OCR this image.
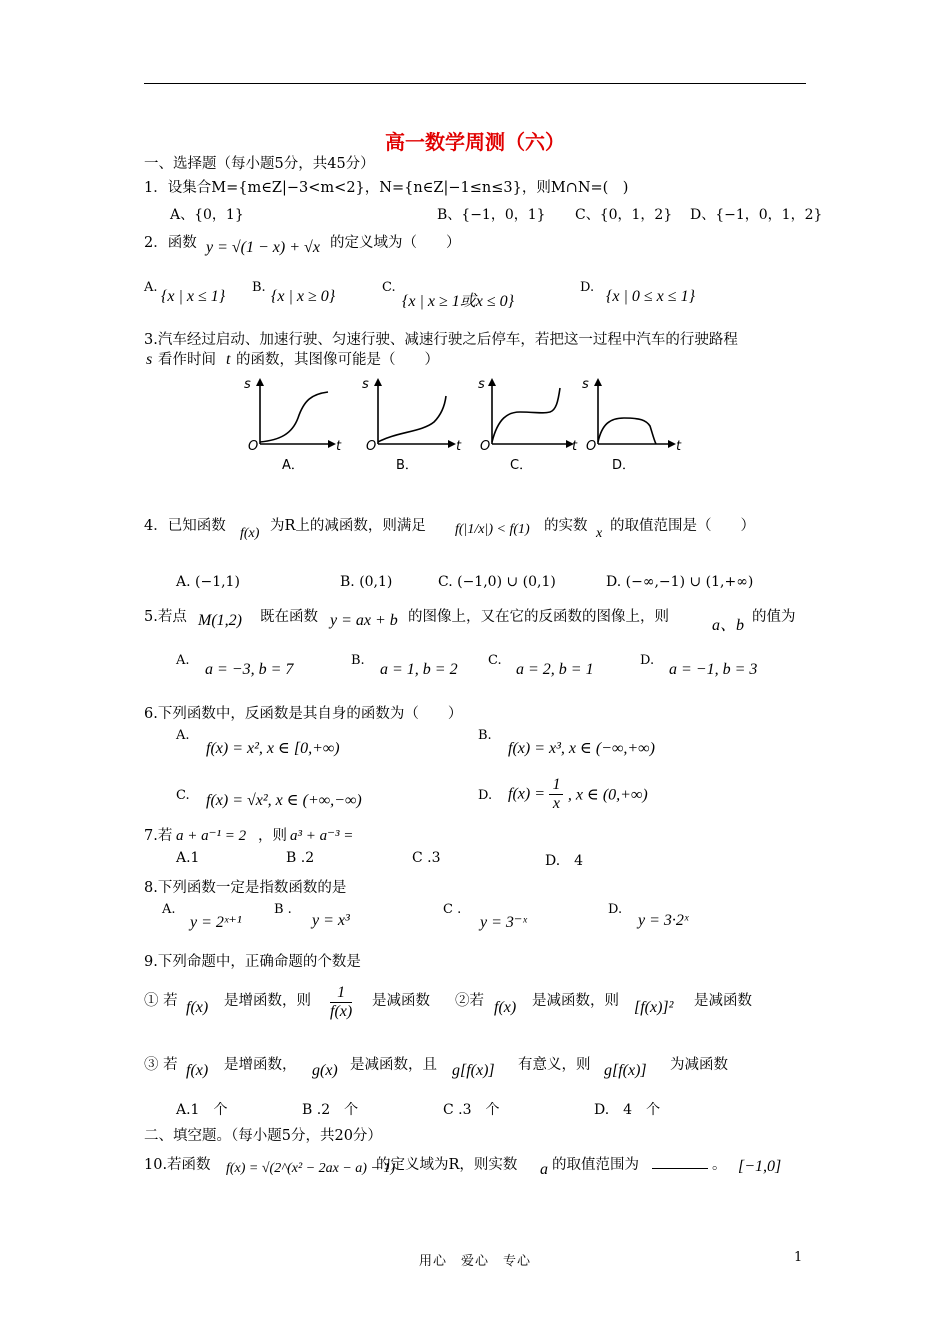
高一数学周测（六）
一、选择题（每小题5分，共45分）
1．设集合M={m∈Z|−3<m<2}，N={n∈Z|−1≤n≤3}，则M∩N=(　)
A、{0，1}	B、{−1，0，1} C、{0，1，2} D、{−1，0，1，2}
2．函数 y = √(1 − x) + √x 的定义域为（　　）
A.
{x | x ≤ 1}
B.
{x | x ≥ 0}
C.
{x | x ≥ 1或x ≤ 0}
D.
{x | 0 ≤ x ≤ 1}
3.汽车经过启动、加速行驶、匀速行驶、减速行驶之后停车，若把这一过程中汽车的行驶路程
s 看作时间 t 的函数，其图像可能是（　　）
s
O	t
A．
s
O	t
B．
s
O	t
C．
s
O	t
D．
4．已知函数 f(x) 为R上的减函数，则满足 f(|1/x|) < f(1) 的实数 x 的取值范围是（　　）
A. (−1,1)	B. (0,1)	C. (−1,0) ∪ (0,1)	D. (−∞,−1) ∪ (1,+∞)
5.若点 M(1,2) 既在函数 y = ax + b 的图像上，又在它的反函数的图像上，则	a、b 的值为
A.
a = −3, b = 7
B.
a = 1, b = 2
C.
a = 2, b = 1
D.
a = −1, b = 3
6.下列函数中，反函数是其自身的函数为（　　）
A.
f(x) = x², x ∈ [0,+∞)
B.
f(x) = x³, x ∈ (−∞,+∞)
C. f(x) = √x², x ∈ (+∞,−∞)	D. $f(x) = \frac{1}{x}$ , x ∈ (0,+∞)
7.若 a + a⁻¹ = 2 ，则 a³ + a⁻³ =
A.1	B .2	C .3	D.　4
8.下列函数一定是指数函数的是
A.
y = 2ˣ⁺¹
B .
y = x³
C .
y = 3⁻ˣ
D.
y = 3·2ˣ
9.下列命题中，正确命题的个数是
① 若 f(x) 是增函数，则 $\frac{1}{f(x)}$ 是减函数 ②若 f(x) 是减函数，则 [f(x)]² 是减函数
③ 若 f(x) 是增函数， g(x) 是减函数，且 g[f(x)] 有意义，则 g[f(x)] 为减函数
A.1　个	B .2　个	C .3　个	D.　4　个
二、填空题。（每小题5分，共20分）
10.若函数 f(x) = √(2^(x² − 2ax − a) − 1)
的定义域为R，则实数 a 的取值范围为	。 [−1,0]
用心　爱心　专心	1
